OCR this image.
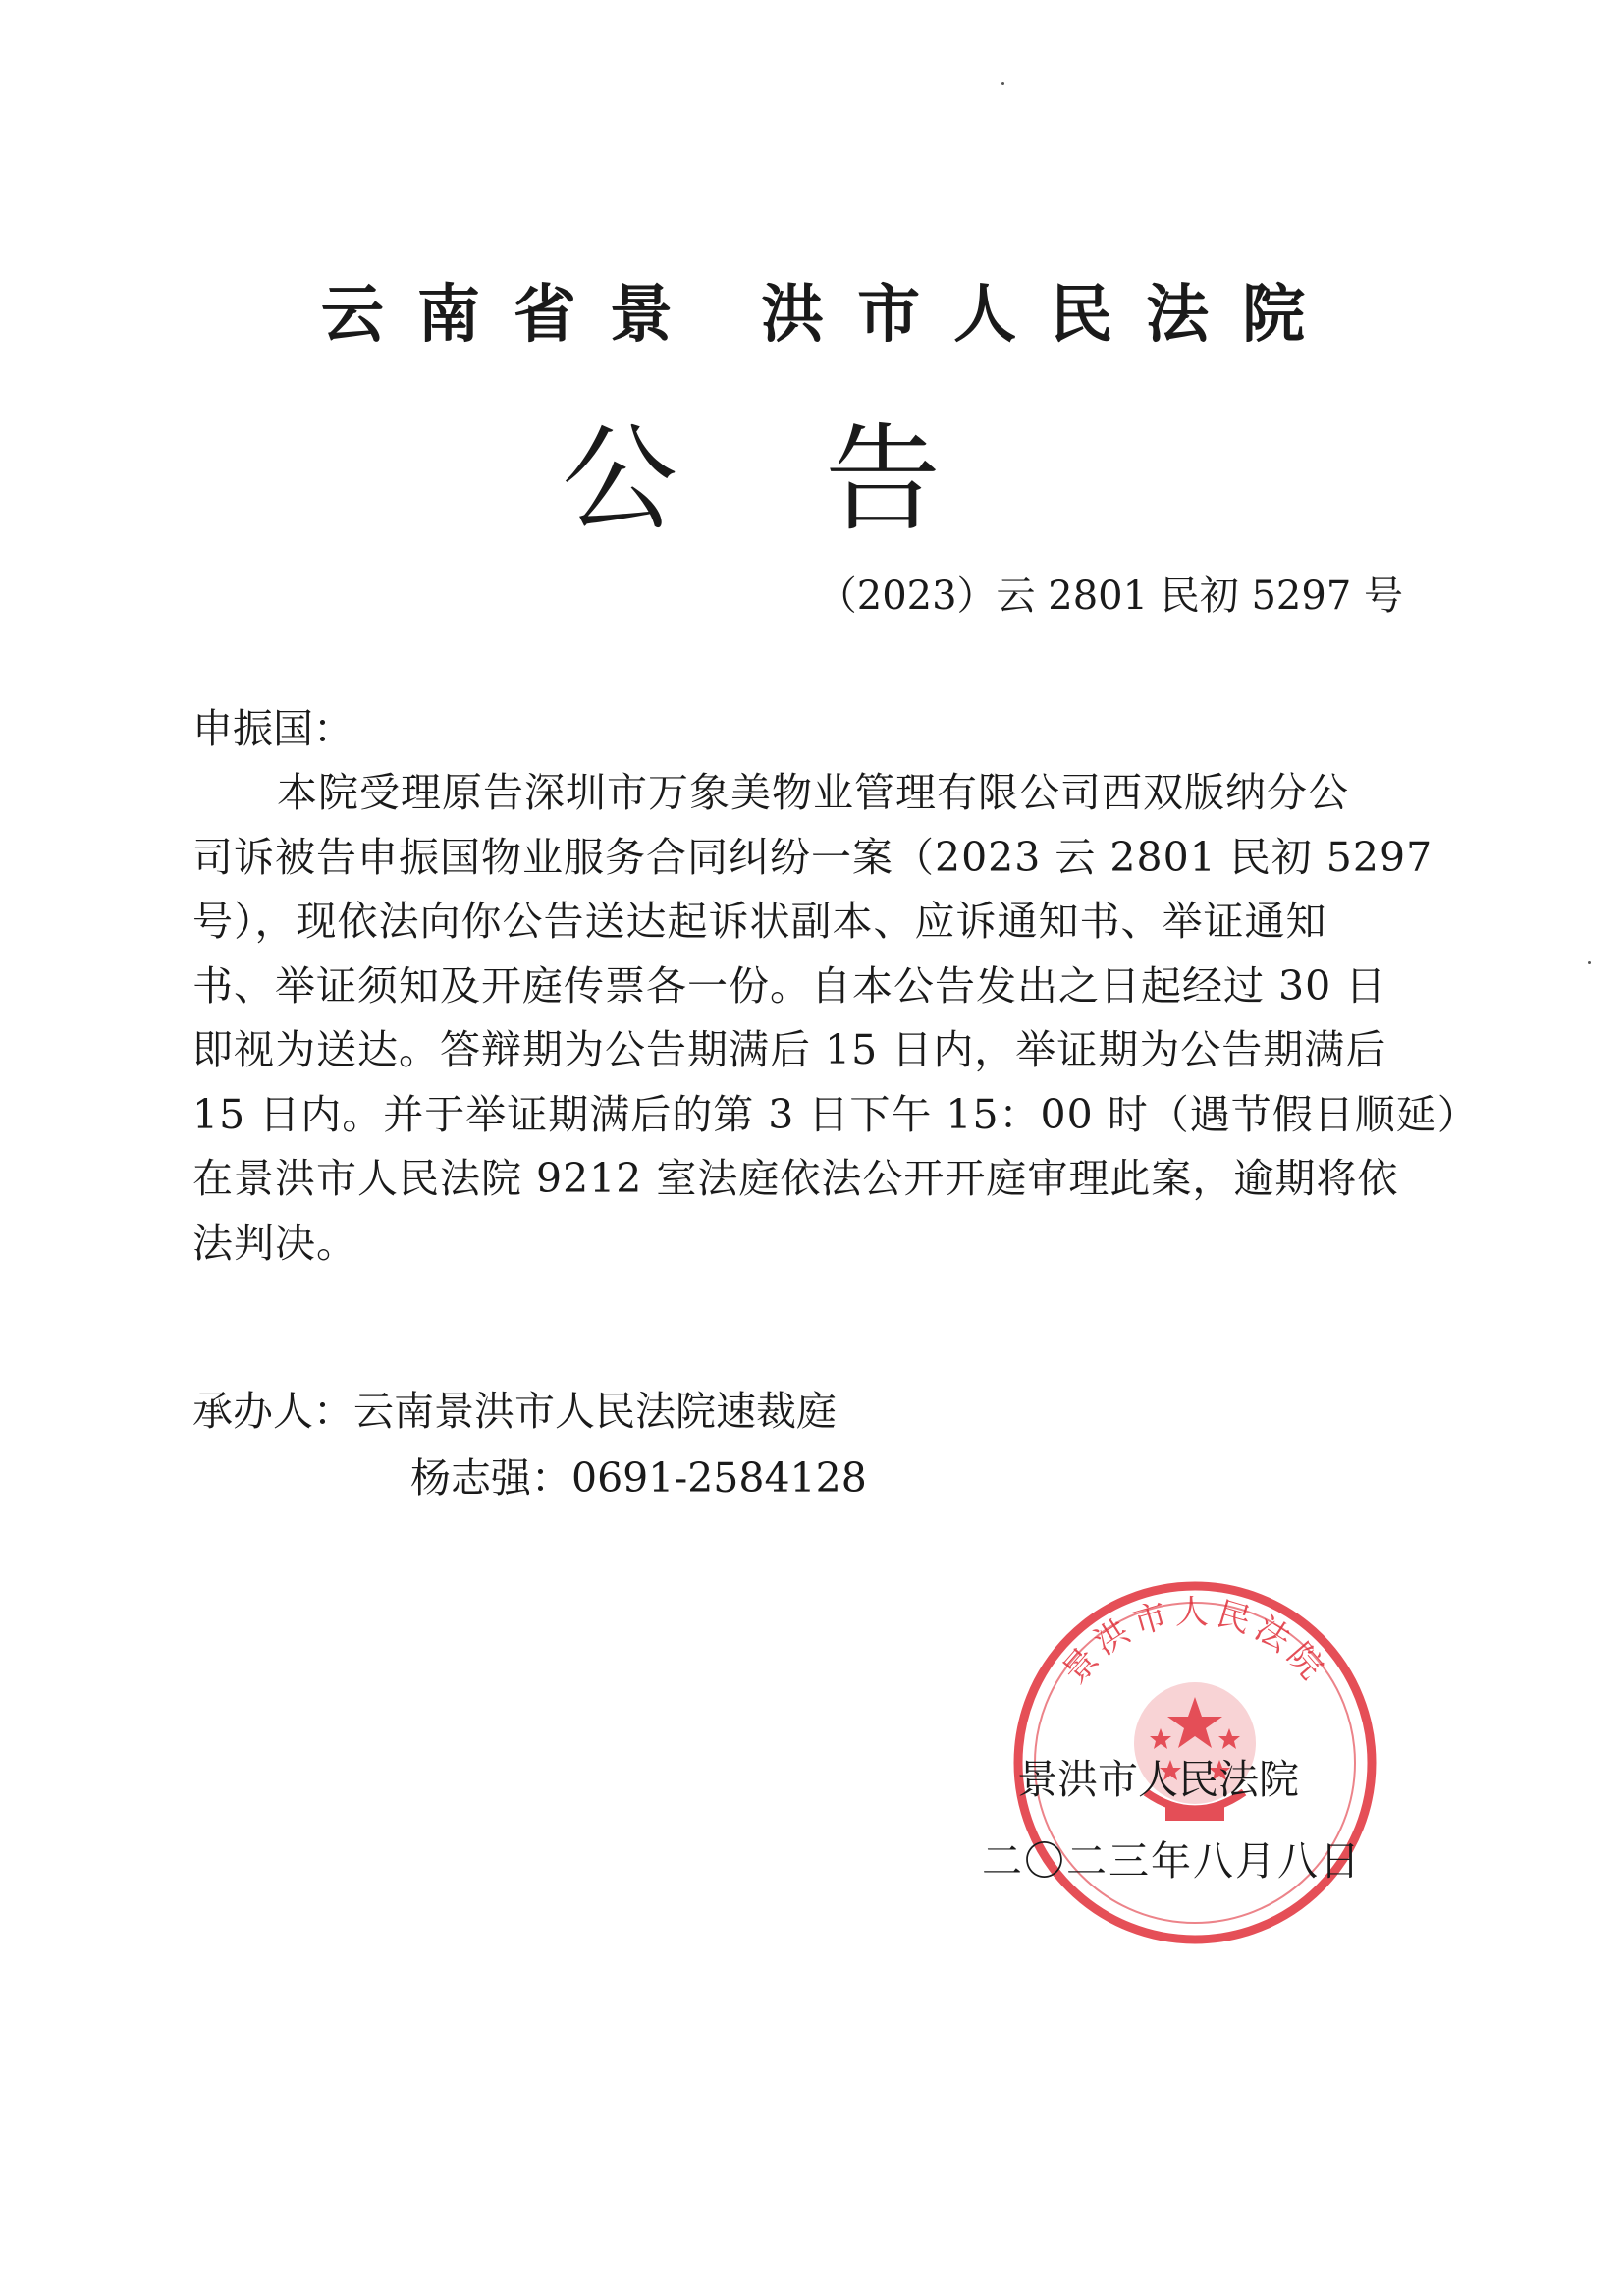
云南省景 洪市人民法院
公告
（2023）云 2801 民初 5297 号
申振国：
本院受理原告深圳市万象美物业管理有限公司西双版纳分公
司诉被告申振国物业服务合同纠纷一案（2023 云 2801 民初 5297
号），现依法向你公告送达起诉状副本、应诉通知书、举证通知
书、举证须知及开庭传票各一份。自本公告发出之日起经过 30 日
即视为送达。答辩期为公告期满后 15 日内，举证期为公告期满后
15 日内。并于举证期满后的第 3 日下午 15：00 时（遇节假日顺延）
在景洪市人民法院 9212 室法庭依法公开开庭审理此案，逾期将依
法判决。
承办人：云南景洪市人民法院速裁庭
杨志强：0691-2584128
景洪市人民法院
景洪市人民法院
二〇二三年八月八日
